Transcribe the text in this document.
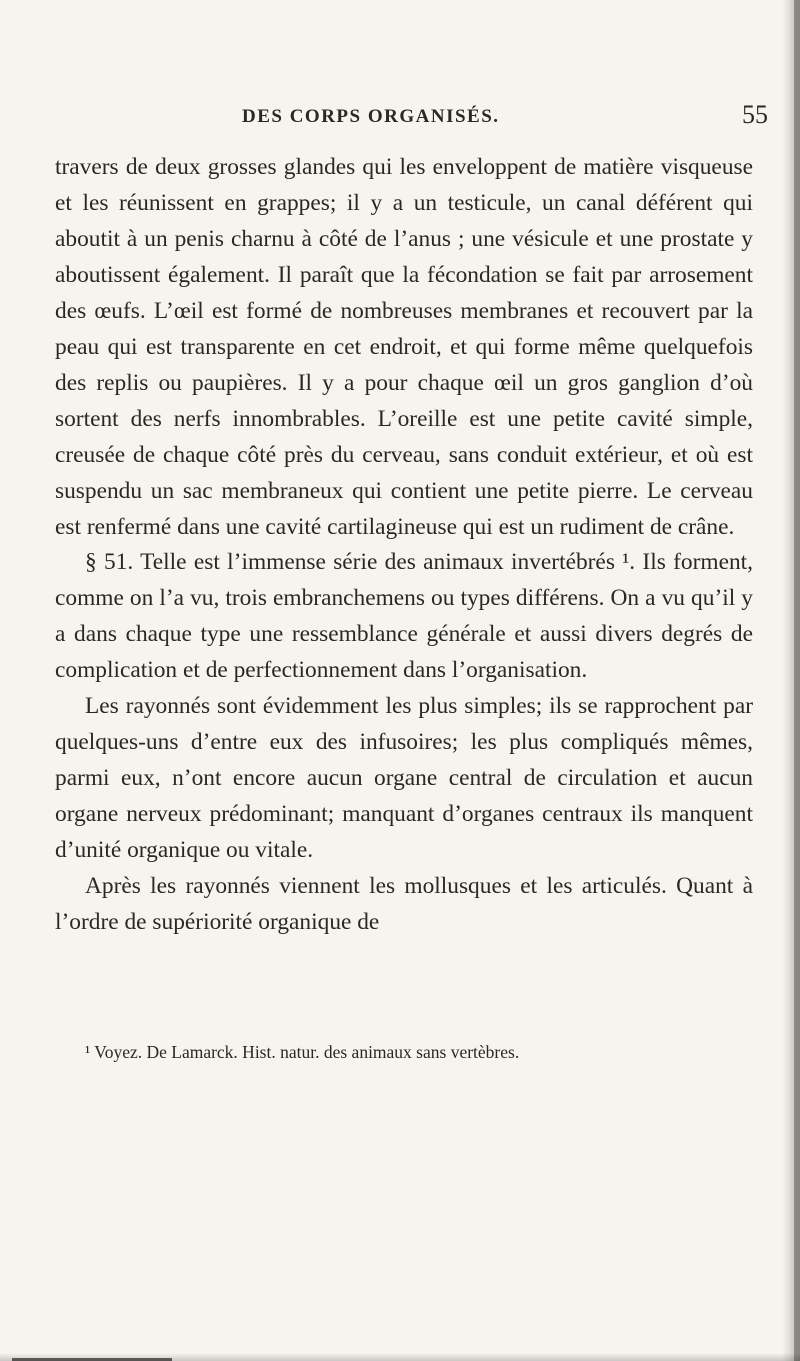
DES CORPS ORGANISÉS.	55

travers de deux grosses glandes qui les enveloppent de matière visqueuse et les réunissent en grappes; il y a un testicule, un canal déférent qui aboutit à un penis charnu à côté de l’anus ; une vésicule et une prostate y aboutissent également. Il paraît que la fécondation se fait par arrosement des œufs. L’œil est formé de nombreuses membranes et recouvert par la peau qui est transparente en cet endroit, et qui forme même quelquefois des replis ou paupières. Il y a pour chaque œil un gros ganglion d’où sortent des nerfs innombrables. L’oreille est une petite cavité simple, creusée de chaque côté près du cerveau, sans conduit extérieur, et où est suspendu un sac membraneux qui contient une petite pierre. Le cerveau est renfermé dans une cavité cartilagineuse qui est un rudiment de crâne.

§ 51. Telle est l’immense série des animaux invertébrés ¹. Ils forment, comme on l’a vu, trois embranchemens ou types différens. On a vu qu’il y a dans chaque type une ressemblance générale et aussi divers degrés de complication et de perfectionnement dans l’organisation.

Les rayonnés sont évidemment les plus simples; ils se rapprochent par quelques-uns d’entre eux des infusoires; les plus compliqués mêmes, parmi eux, n’ont encore aucun organe central de circulation et aucun organe nerveux prédominant; manquant d’organes centraux ils manquent d’unité organique ou vitale.

Après les rayonnés viennent les mollusques et les articulés. Quant à l’ordre de supériorité organique de

¹ Voyez. De Lamarck. Hist. natur. des animaux sans vertèbres.
